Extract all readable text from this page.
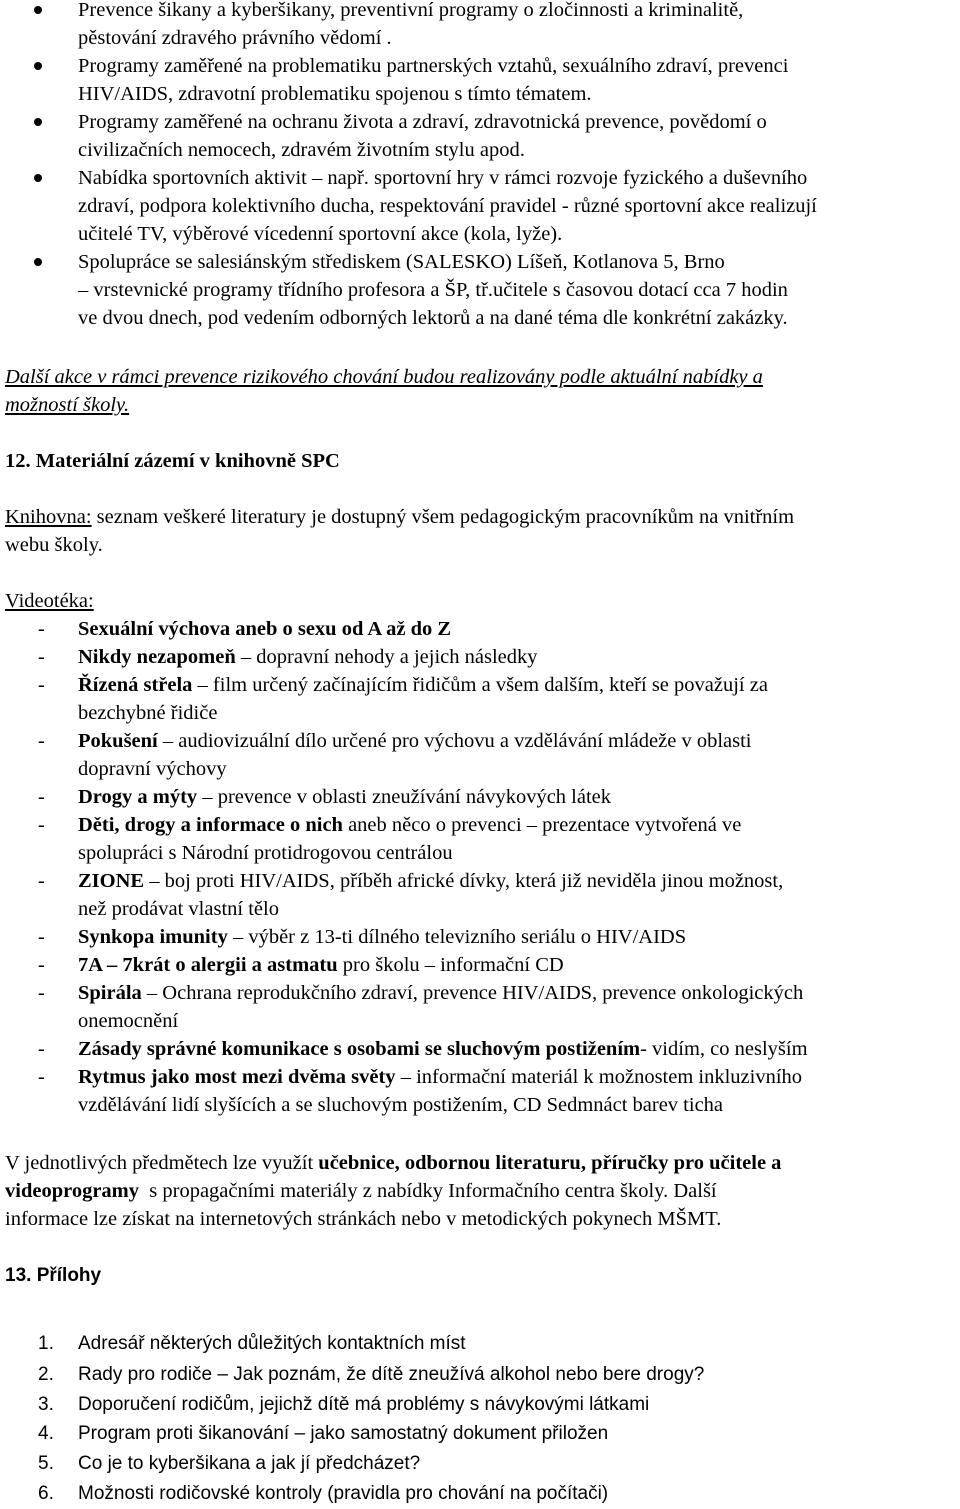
Prevence šikany a kyberšikany, preventivní programy o zločinnosti a kriminalitě,
pěstování zdravého právního vědomí .
Programy zaměřené na problematiku partnerských vztahů, sexuálního zdraví, prevenci
HIV/AIDS, zdravotní problematiku spojenou s tímto tématem.
Programy zaměřené na ochranu života a zdraví, zdravotnická prevence, povědomí o
civilizačních nemocech, zdravém životním stylu apod.
Nabídka sportovních aktivit – např. sportovní hry v rámci rozvoje fyzického a duševního
zdraví, podpora kolektivního ducha, respektování pravidel - různé sportovní akce realizují
učitelé TV, výběrové vícedenní sportovní akce (kola, lyže).
Spolupráce se salesiánským střediskem (SALESKO) Líšeň, Kotlanova 5, Brno
– vrstevnické programy třídního profesora a ŠP, tř.učitele s časovou dotací cca 7 hodin
ve dvou dnech, pod vedením odborných lektorů a na dané téma dle konkrétní zakázky.
Další akce v rámci prevence rizikového chování budou realizovány podle aktuální nabídky a
možností školy.
12. Materiální zázemí v knihovně SPC
Knihovna: seznam veškeré literatury je dostupný všem pedagogickým pracovníkům na vnitřním
webu školy.
Videotéka:
- Sexuální výchova aneb o sexu od A až do Z
- Nikdy nezapomeň – dopravní nehody a jejich následky
- Řízená střela – film určený začínajícím řidičům a všem dalším, kteří se považují za
bezchybné řidiče
- Pokušení – audiovizuální dílo určené pro výchovu a vzdělávání mládeže v oblasti
dopravní výchovy
- Drogy a mýty – prevence v oblasti zneužívání návykových látek
- Děti, drogy a informace o nich aneb něco o prevenci – prezentace vytvořená ve
spolupráci s Národní protidrogovou centrálou
- ZIONE – boj proti HIV/AIDS, příběh africké dívky, která již neviděla jinou možnost,
než prodávat vlastní tělo
- Synkopa imunity – výběr z 13-ti dílného televizního seriálu o HIV/AIDS
- 7A – 7krát o alergii a astmatu pro školu – informační CD
- Spirála – Ochrana reprodukčního zdraví, prevence HIV/AIDS, prevence onkologických
onemocnění
- Zásady správné komunikace s osobami se sluchovým postižením- vidím, co neslyším
- Rytmus jako most mezi dvěma světy – informační materiál k možnostem inkluzivního
vzdělávání lidí slyšících a se sluchovým postižením, CD Sedmnáct barev ticha
V jednotlivých předmětech lze využít učebnice, odbornou literaturu, příručky pro učitele a
videoprogramy  s propagačními materiály z nabídky Informačního centra školy. Další
informace lze získat na internetových stránkách nebo v metodických pokynech MŠMT.
13. Přílohy
1. Adresář některých důležitých kontaktních míst
2. Rady pro rodiče – Jak poznám, že dítě zneužívá alkohol nebo bere drogy?
3. Doporučení rodičům, jejichž dítě má problémy s návykovými látkami
4. Program proti šikanování – jako samostatný dokument přiložen
5. Co je to kyberšikana a jak jí předcházet?
6. Možnosti rodičovské kontroly (pravidla pro chování na počítači)
